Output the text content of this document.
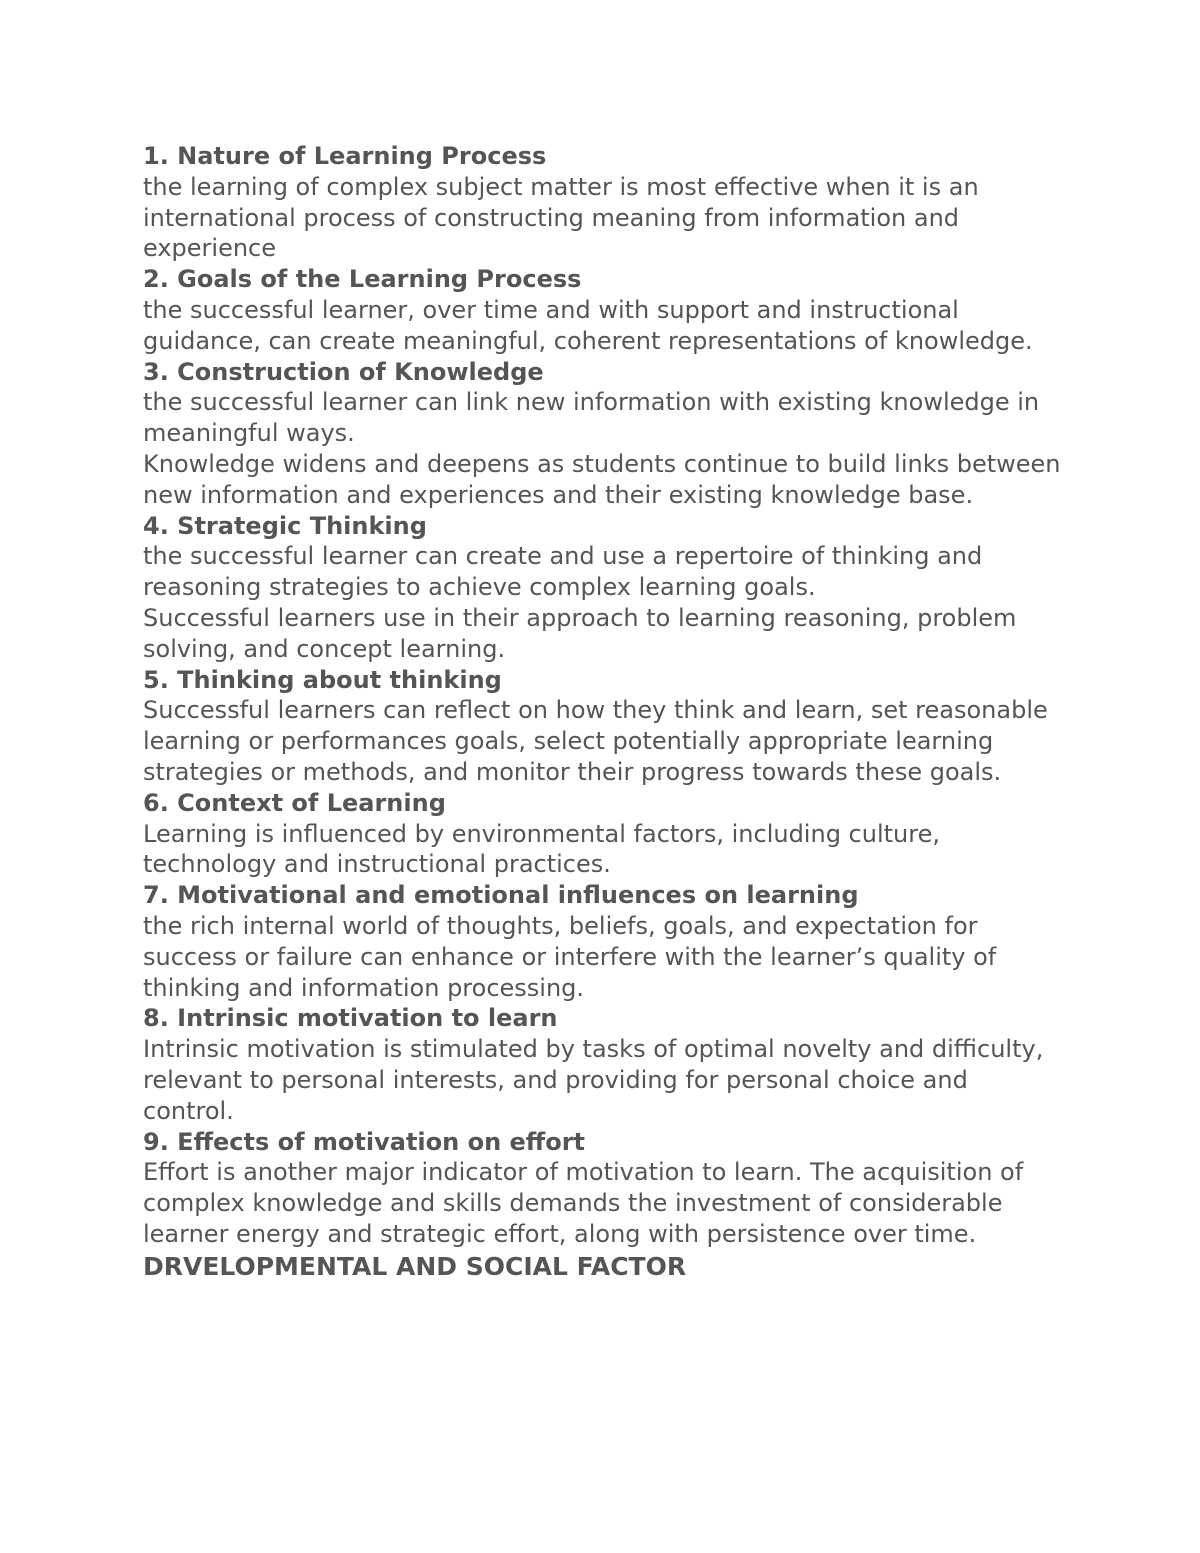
1. Nature of Learning Process

the learning of complex subject matter is most effective when it is an international process of constructing meaning from information and experience

2. Goals of the Learning Process

the successful learner, over time and with support and instructional guidance, can create meaningful, coherent representations of knowledge.

3. Construction of Knowledge

the successful learner can link new information with existing knowledge in meaningful ways.

Knowledge widens and deepens as students continue to build links between new information and experiences and their existing knowledge base.

4. Strategic Thinking

the successful learner can create and use a repertoire of thinking and reasoning strategies to achieve complex learning goals.

Successful learners use in their approach to learning reasoning, problem solving, and concept learning.

5. Thinking about thinking

Successful learners can reflect on how they think and learn, set reasonable learning or performances goals, select potentially appropriate learning strategies or methods, and monitor their progress towards these goals.

6. Context of Learning

Learning is influenced by environmental factors, including culture, technology and instructional practices.

7. Motivational and emotional influences on learning

the rich internal world of thoughts, beliefs, goals, and expectation for success or failure can enhance or interfere with the learner’s quality of thinking and information processing.

8. Intrinsic motivation to learn

Intrinsic motivation is stimulated by tasks of optimal novelty and difficulty, relevant to personal interests, and providing for personal choice and control.

9. Effects of motivation on effort

Effort is another major indicator of motivation to learn. The acquisition of complex knowledge and skills demands the investment of considerable learner energy and strategic effort, along with persistence over time.

DRVELOPMENTAL AND SOCIAL FACTOR
